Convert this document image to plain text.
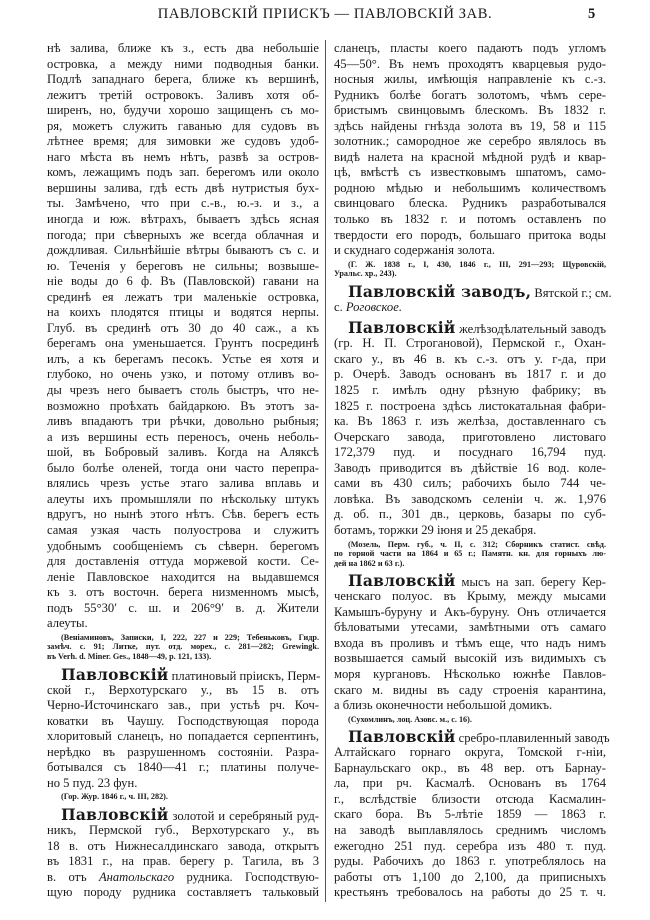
ПАВЛОВСКІЙ ПРІИСКЪ — ПАВЛОВСКІЙ ЗАВ.	5
нѣ залива, ближе къ з., есть два небольшіе
островка, а между ними подводныя банки.
Подлѣ западнаго берега, ближе къ вершинѣ,
лежитъ третій островокъ. Заливъ хотя об-
ширенъ, но, будучи хорошо защищенъ съ мо-
ря, можетъ служить гаванью для судовъ въ
лѣтнее время; для зимовки же судовъ удоб-
наго мѣста въ немъ нѣтъ, развѣ за остров-
комъ, лежащимъ подъ зап. берегомъ или около
вершины залива, гдѣ есть двѣ нутристыя бух-
ты. Замѣчено, что при с.-в., ю.-з. и з., а
иногда и юж. вѣтрахъ, бываетъ здѣсь ясная
погода; при сѣверныхъ же всегда облачная и
дождливая. Сильнѣйшіе вѣтры бываютъ съ с. и
ю. Теченія у береговъ не сильны; возвыше-
ніе воды до 6 ф. Въ (Павловской) гавани на
срединѣ ея лежатъ три маленькіе островка,
на коихъ плодятся птицы и водятся нерпы.
Глуб. въ срединѣ отъ 30 до 40 саж., а къ
берегамъ она уменьшается. Грунтъ посрединѣ
илъ, а къ берегамъ песокъ. Устье ея хотя и
глубоко, но очень узко, и потому отливъ во-
ды чрезъ него бываетъ столь быстръ, что не-
возможно проѣхать байдаркою. Въ этотъ за-
ливъ впадаютъ три рѣчки, довольно рыбныя;
а изъ вершины есть переносъ, очень неболь-
шой, въ Бобровый заливъ. Когда на Аляксѣ
было болѣе оленей, тогда они часто перепра-
влялись чрезъ устье этаго залива вплавь и
алеуты ихъ промышляли по нѣскольку штукъ
вдругъ, но нынѣ этого нѣтъ. Сѣв. берегъ есть
самая узкая часть полуострова и служитъ
удобнымъ сообщеніемъ съ сѣверн. берегомъ
для доставленія оттуда моржевой кости. Се-
леніе Павловское находится на выдавшемся
къ з. отъ восточн. берега низменномъ мысѣ,
подъ 55°30′ с. ш. и 206°9′ в. д. Жители
алеуты.
(Веніаминовъ, Записки, I, 222, 227 и 229; Тебеньковъ, Гидр.
замѣч. с. 91; Литке, пут. отд. морех., с. 281—282; Grewingk.
въ Verh. d. Miner. Ges., 1848—49, p. 121, 133).
Павловскій платиновый пріискъ, Перм-
ской г., Верхотурскаго у., въ 15 в. отъ
Черно-Источинскаго зав., при устьѣ рч. Коч-
коватки въ Чаушу. Господствующая порода
хлоритовый сланецъ, но попадается серпентинъ,
нерѣдко въ разрушенномъ состояніи. Разра-
ботывался съ 1840—41 г.; платины получе-
но 5 пуд. 23 фун.
(Гор. Жур. 1846 г., ч. III, 282).
Павловскій золотой и серебряный руд-
никъ, Пермской губ., Верхотурскаго у., въ
18 в. отъ Нижнесалдинскаго завода, открытъ
въ 1831 г., на прав. берегу р. Тагила, въ 3
в. отъ Анатольскаго рудника. Господствую-
щую породу рудника составляетъ тальковый
сланецъ, пласты коего падаютъ подъ угломъ
45—50°. Въ немъ проходятъ кварцевыя рудо-
носныя жилы, имѣющія направленіе къ с.-з.
Рудникъ болѣе богатъ золотомъ, чѣмъ сере-
бристымъ свинцовымъ блескомъ. Въ 1832 г.
здѣсь найдены гнѣзда золота въ 19, 58 и 115
золотник.; самородное же серебро являлось въ
видѣ налета на красной мѣдной рудѣ и квар-
цѣ, вмѣстѣ съ известковымъ шпатомъ, само-
родною мѣдью и небольшимъ количествомъ
свинцоваго блеска. Рудникъ разработывался
только въ 1832 г. и потомъ оставленъ по
твердости его породъ, большаго притока воды
и скуднаго содержанія золота.
(Г. Ж. 1838 г., I, 430, 1846 г., III, 291—293; Щуровскій,
Уральс. хр., 243).
Павловскій заводъ, Вятской г.; см.
с. Роговское.
Павловскій желѣзодѣлательный заводъ
(гр. Н. П. Строгановой), Пермской г., Охан-
скаго у., въ 46 в. къ с.-з. отъ у. г-да, при
р. Очерѣ. Заводъ основанъ въ 1817 г. и до
1825 г. имѣлъ одну рѣзную фабрику; въ
1825 г. построена здѣсь листокатальная фабри-
ка. Въ 1863 г. изъ желѣза, доставленнаго съ
Очерскаго завода, приготовлено листоваго
172,379 пуд. и посуднаго 16,794 пуд.
Заводъ приводится въ дѣйствіе 16 вод. коле-
сами въ 430 силъ; рабочихъ было 744 че-
ловѣка. Въ заводскомъ селеніи ч. ж. 1,976
д. об. п., 301 дв., церковь, базары по суб-
ботамъ, торжки 29 іюня и 25 декабря.
(Мозель, Перм. губ., ч. II, с. 312; Сборникъ статист. свѣд.
по горной части на 1864 и 65 г.; Памятн. кн. для горныхъ лю-
дей на 1862 и 63 г.).
Павловскій мысъ на зап. берегу Кер-
ченскаго полуос. въ Крыму, между мысами
Камышъ-буруну и Акъ-буруну. Онъ отличается
бѣловатыми утесами, замѣтными отъ самаго
входа въ проливъ и тѣмъ еще, что надъ нимъ
возвышается самый высокій изъ видимыхъ съ
моря кургановъ. Нѣсколько южнѣе Павлов-
скаго м. видны въ саду строенія карантина,
а близь оконечности небольшой домикъ.
(Сухомлинъ, лоц. Азовс. м., с. 16).
Павловскій сребро-плавиленный заводъ
Алтайскаго горнаго округа, Томской г-ніи,
Барнаульскаго окр., въ 48 вер. отъ Барнау-
ла, при рч. Касмалѣ. Основанъ въ 1764
г., вслѣдствіе близости отсюда Касмалин-
скаго бора. Въ 5-лѣтіе 1859 — 1863 г.
на заводѣ выплавлялось среднимъ числомъ
ежегодно 251 пуд. серебра изъ 480 т. пуд.
руды. Рабочихъ до 1863 г. употреблялось на
работы отъ 1,100 до 2,100, да приписныхъ
крестьянъ требовалось на работы до 25 т. ч.
